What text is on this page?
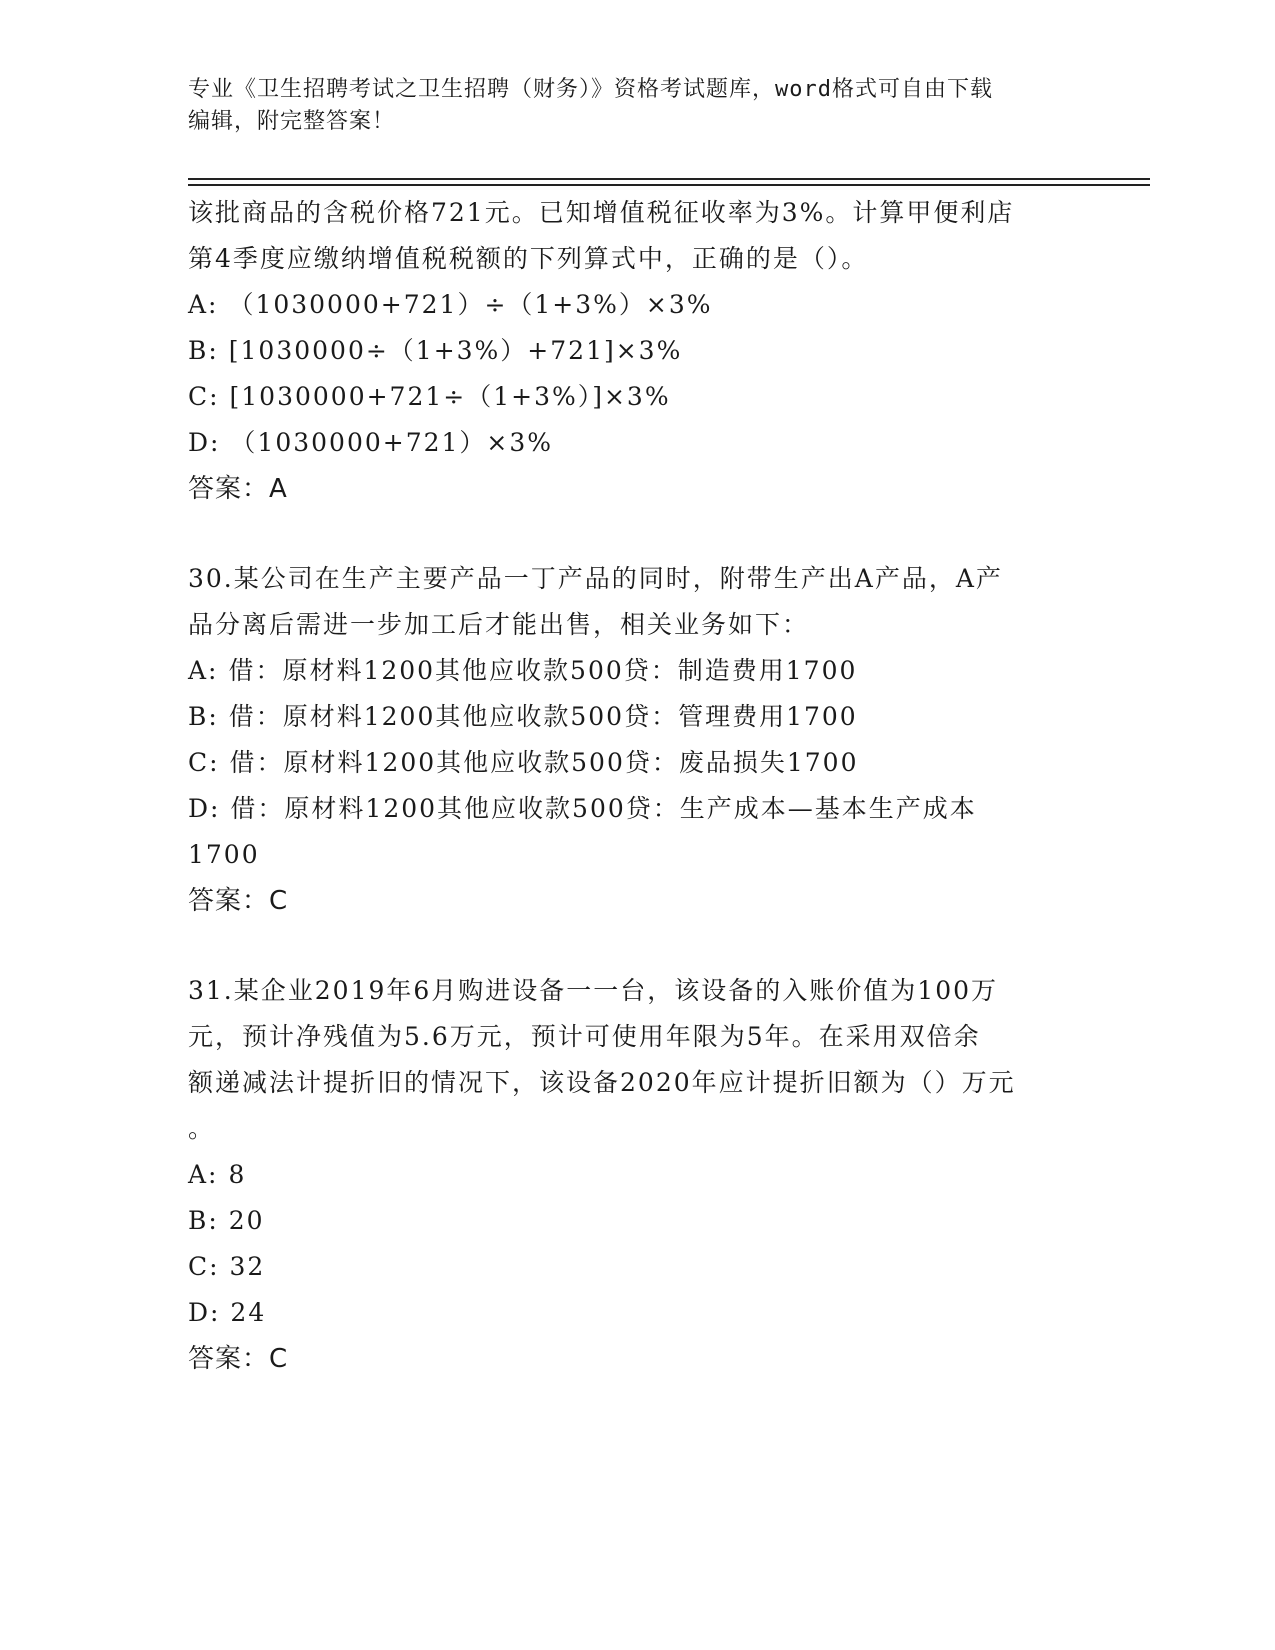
专业《卫生招聘考试之卫生招聘（财务）》资格考试题库，word格式可自由下载
编辑，附完整答案！
该批商品的含税价格721元。已知增值税征收率为3%。计算甲便利店
第4季度应缴纳增值税税额的下列算式中，正确的是（）。
A: （1030000+721）÷（1+3%）×3%
B: [1030000÷（1+3%）+721]×3%
C: [1030000+721÷（1+3%）]×3%
D: （1030000+721）×3%
答案：A
30.某公司在生产主要产品一丁产品的同时，附带生产出A产品，A产
品分离后需进一步加工后才能出售，相关业务如下：
A: 借：原材料1200其他应收款500贷：制造费用1700
B: 借：原材料1200其他应收款500贷：管理费用1700
C: 借：原材料1200其他应收款500贷：废品损失1700
D: 借：原材料1200其他应收款500贷：生产成本—基本生产成本
1700
答案：C
31.某企业2019年6月购进设备一一台，该设备的入账价值为100万
元，预计净残值为5.6万元，预计可使用年限为5年。在采用双倍余
额递减法计提折旧的情况下，该设备2020年应计提折旧额为（）万元
。
A: 8
B: 20
C: 32
D: 24
答案：C
